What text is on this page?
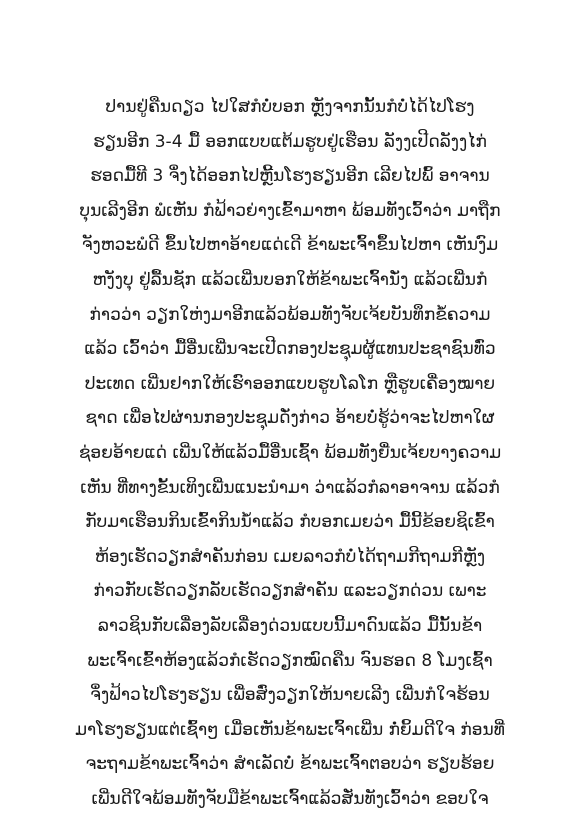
ປານຢູ່ຄືນດຽວ ໄປໃສກໍບໍ່ບອກ ຫຼັງຈາກນັ້ນກໍບໍ່ໄດ້ໄປໂຮງ
ຮຽນອີກ 3-4 ມື້ ອອກແບບແຕ້ມຮູບຢູ່ເຮືອນ ລັງງເປີດລັງງໄກ່
ຮອດມື້ທີ 3 ຈຶ່ງໄດ້ອອກໄປຫຼີ້ນໂຮງຮຽນອີກ ເລີຍໄປພົ້ ອາຈານ
ບຸນເລີງອີກ ພໍເຫັນ ກໍຟ້າວຍ່າງເຂົ້າມາຫາ ພ້ອມທັງເວົ້າວ່າ ມາຖືກ
ຈັງຫວະພໍດີ ຂຶ້ນໄປຫາອ້າຍແດ່ເດີ ຂ້າພະເຈົ້າຂຶ້ນໄປຫາ ເຫັນງົມ
ຫງັງບຸ ຢູ່ລື້ນຊັກ ແລ້ວເພີ່ນບອກໃຫ້ຂ້າພະເຈົ້ານັ່ງ ແລ້ວເພີ່ນກໍ
ກ່າວວ່າ ວຽກໃຫ່ງມາອີກແລ້ວພ້ອມທັງຈັບເຈ້ຍບັນທຶກຂໍ້ຄວາມ
ແລ້ວ ເວົ້າວ່າ ມື້ອື່ນເພີ່ນຈະເປີດກອງປະຊຸມຜູ້ແທນປະຊາຊົນທົ່ວ
ປະເທດ ເພີ່ນຢາກໃຫ້ເຮົາອອກແບບຮູບໂລໂກ ຫຼືຮູບເຄື່ອງໝາຍ
ຊາດ ເພື່ອໄປຜ່ານກອງປະຊຸມດັ່ງກ່າວ ອ້າຍບໍ່ຮູ້ວ່າຈະໄປຫາໃຜ
ຊ່ອຍອ້າຍແດ່ ເພີ່ນໃຫ້ແລ້ວມື້ອື່ນເຊົ້າ ພ້ອມທັງຍື່ນເຈ້ຍບາງຄວາມ
ເຫັນ ທີ່ທາງຂັ້ນເທິງເພີ່ນແນະນຳມາ ວ່າແລ້ວກໍລາອາຈານ ແລ້ວກໍ
ກັບມາເຮືອນກິນເຂົ້າກິນນ້ຳແລ້ວ ກໍບອກເມຍວ່າ ມື້ນີ້ຂ້ອຍຊິເຂົ້າ
ຫ້ອງເຮັດວຽກສຳຄັນກ່ອນ ເມຍລາວກໍບໍ່ໄດ້ຖາມກີຖາມກີຫຼັງ
ກ່າວກັບເຮັດວຽກລັບເຮັດວຽກສຳຄັນ ແລະວຽກດ່ວນ ເພາະ
ລາວຊິນກັບເລື່ອງລັບເລື່ອງດ່ວນແບບນີ້ມາດົນແລ້ວ ມື້ນັ້ນຂ້າ
ພະເຈົ້າເຂົ້າຫ້ອງແລ້ວກໍເຮັດວຽກໝົດຄືນ ຈົນຮອດ 8 ໂມງເຊົ້າ
ຈຶ່ງຟ້າວໄປໂຮງຮຽນ ເພື່ອສົ່ງວຽກໃຫ້ນາຍເລີງ ເພີ່ນກໍໃຈຮ້ອນ
ມາໂຮງຮຽນແຕ່ເຊົ້າໆ ເມື່ອເຫັນຂ້າພະເຈົ້າເພີ່ນ ກໍ່ຍິ້ມດີໃຈ ກ່ອນທີ່
ຈະຖາມຂ້າພະເຈົ້າວ່າ ສຳເລັດບໍ່ ຂ້າພະເຈົ້າຕອບວ່າ ຮຽບຮ້ອຍ
ເພີ່ນດີໃຈພ້ອມທັງຈັບມືຂ້າພະເຈົ້າແລ້ວສັ່ນທັງເວົ້າວ່າ ຂອບໃຈ
